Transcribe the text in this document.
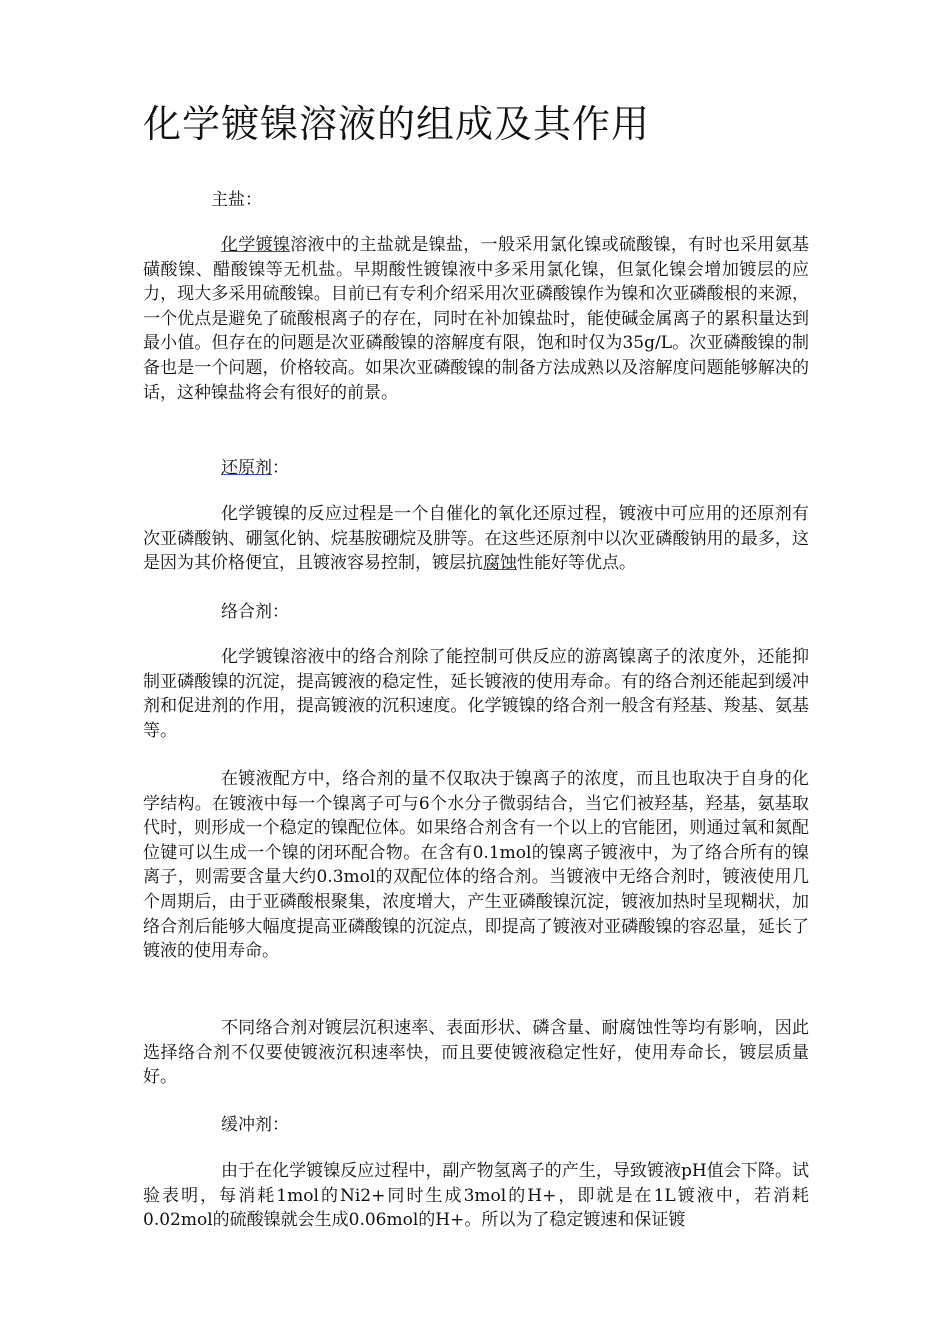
化学镀镍溶液的组成及其作用

主盐：

化学镀镍溶液中的主盐就是镍盐，一般采用氯化镍或硫酸镍，有时也采用氨基磺酸镍、醋酸镍等无机盐。早期酸性镀镍液中多采用氯化镍，但氯化镍会增加镀层的应力，现大多采用硫酸镍。目前已有专利介绍采用次亚磷酸镍作为镍和次亚磷酸根的来源，一个优点是避免了硫酸根离子的存在，同时在补加镍盐时，能使碱金属离子的累积量达到最小值。但存在的问题是次亚磷酸镍的溶解度有限，饱和时仅为35g/L。次亚磷酸镍的制备也是一个问题，价格较高。如果次亚磷酸镍的制备方法成熟以及溶解度问题能够解决的话，这种镍盐将会有很好的前景。

还原剂：

化学镀镍的反应过程是一个自催化的氧化还原过程，镀液中可应用的还原剂有次亚磷酸钠、硼氢化钠、烷基胺硼烷及肼等。在这些还原剂中以次亚磷酸钠用的最多，这是因为其价格便宜，且镀液容易控制，镀层抗腐蚀性能好等优点。

络合剂：

化学镀镍溶液中的络合剂除了能控制可供反应的游离镍离子的浓度外，还能抑制亚磷酸镍的沉淀，提高镀液的稳定性，延长镀液的使用寿命。有的络合剂还能起到缓冲剂和促进剂的作用，提高镀液的沉积速度。化学镀镍的络合剂一般含有羟基、羧基、氨基等。

在镀液配方中，络合剂的量不仅取决于镍离子的浓度，而且也取决于自身的化学结构。在镀液中每一个镍离子可与6个水分子微弱结合，当它们被羟基，羟基，氨基取代时，则形成一个稳定的镍配位体。如果络合剂含有一个以上的官能团，则通过氧和氮配位键可以生成一个镍的闭环配合物。在含有0.1mol的镍离子镀液中，为了络合所有的镍离子，则需要含量大约0.3mol的双配位体的络合剂。当镀液中无络合剂时，镀液使用几个周期后，由于亚磷酸根聚集，浓度增大，产生亚磷酸镍沉淀，镀液加热时呈现糊状，加络合剂后能够大幅度提高亚磷酸镍的沉淀点，即提高了镀液对亚磷酸镍的容忍量，延长了镀液的使用寿命。

不同络合剂对镀层沉积速率、表面形状、磷含量、耐腐蚀性等均有影响，因此选择络合剂不仅要使镀液沉积速率快，而且要使镀液稳定性好，使用寿命长，镀层质量好。

缓冲剂：

由于在化学镀镍反应过程中，副产物氢离子的产生，导致镀液pH值会下降。试验表明，每消耗1mol的Ni2+同时生成3mol的H+，即就是在1L镀液中，若消耗0.02mol的硫酸镍就会生成0.06mol的H+。所以为了稳定镀速和保证镀
